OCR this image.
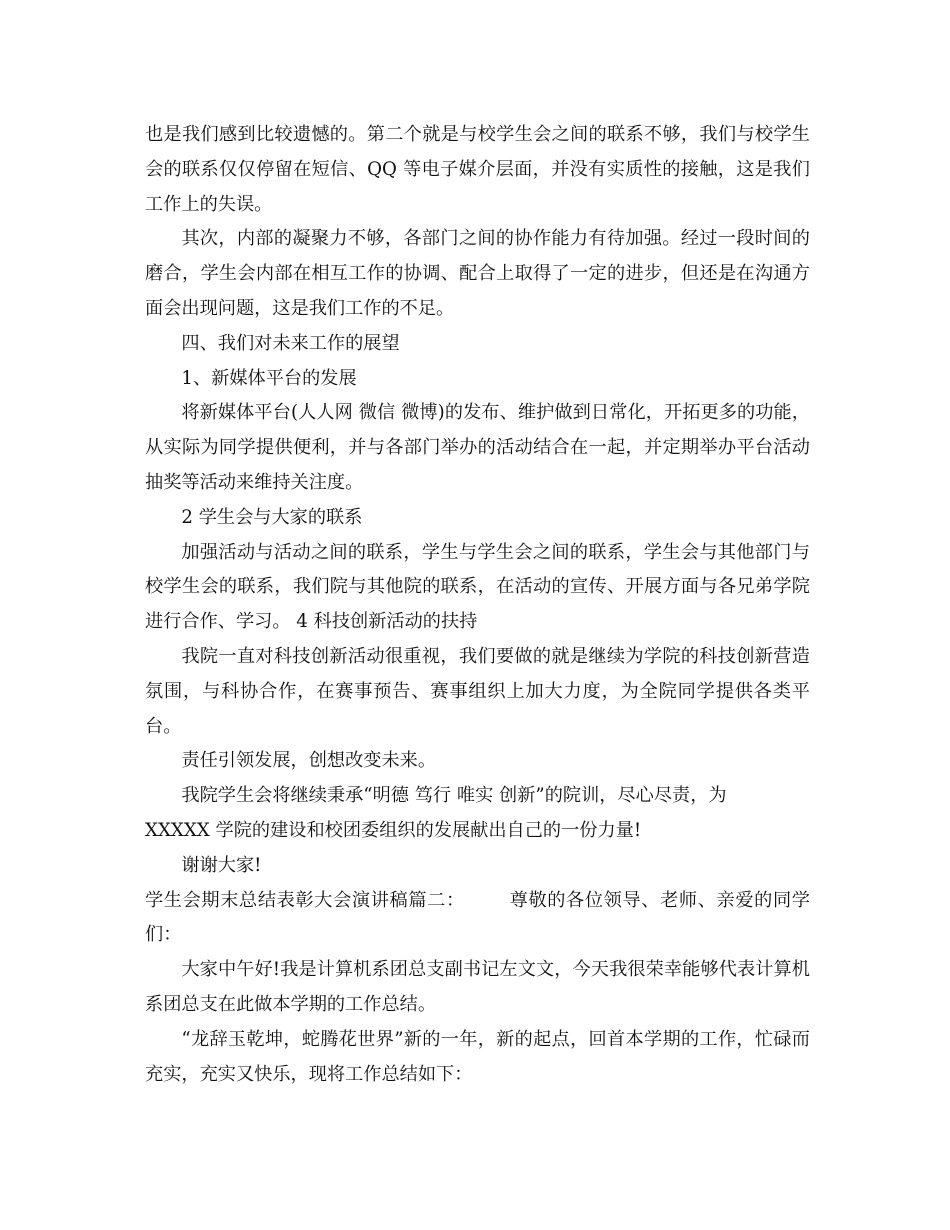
也是我们感到比较遗憾的。第二个就是与校学生会之间的联系不够，我们与校学生会的联系仅仅停留在短信、QQ 等电子媒介层面，并没有实质性的接触，这是我们工作上的失误。

其次，内部的凝聚力不够，各部门之间的协作能力有待加强。经过一段时间的磨合，学生会内部在相互工作的协调、配合上取得了一定的进步，但还是在沟通方面会出现问题，这是我们工作的不足。

四、我们对未来工作的展望

1、新媒体平台的发展

将新媒体平台(人人网 微信 微博)的发布、维护做到日常化，开拓更多的功能，从实际为同学提供便利，并与各部门举办的活动结合在一起，并定期举办平台活动抽奖等活动来维持关注度。

2 学生会与大家的联系

加强活动与活动之间的联系，学生与学生会之间的联系，学生会与其他部门与校学生会的联系，我们院与其他院的联系，在活动的宣传、开展方面与各兄弟学院进行合作、学习。 4 科技创新活动的扶持

我院一直对科技创新活动很重视，我们要做的就是继续为学院的科技创新营造氛围，与科协合作，在赛事预告、赛事组织上加大力度，为全院同学提供各类平台。

责任引领发展，创想改变未来。

我院学生会将继续秉承“明德 笃行 唯实 创新”的院训，尽心尽责，为

XXXXX 学院的建设和校团委组织的发展献出自己的一份力量!

谢谢大家!

学生会期末总结表彰大会演讲稿篇二：       尊敬的各位领导、老师、亲爱的同学们：

大家中午好!我是计算机系团总支副书记左文文，今天我很荣幸能够代表计算机系团总支在此做本学期的工作总结。

“龙辞玉乾坤，蛇腾花世界”新的一年，新的起点，回首本学期的工作，忙碌而充实，充实又快乐，现将工作总结如下：
